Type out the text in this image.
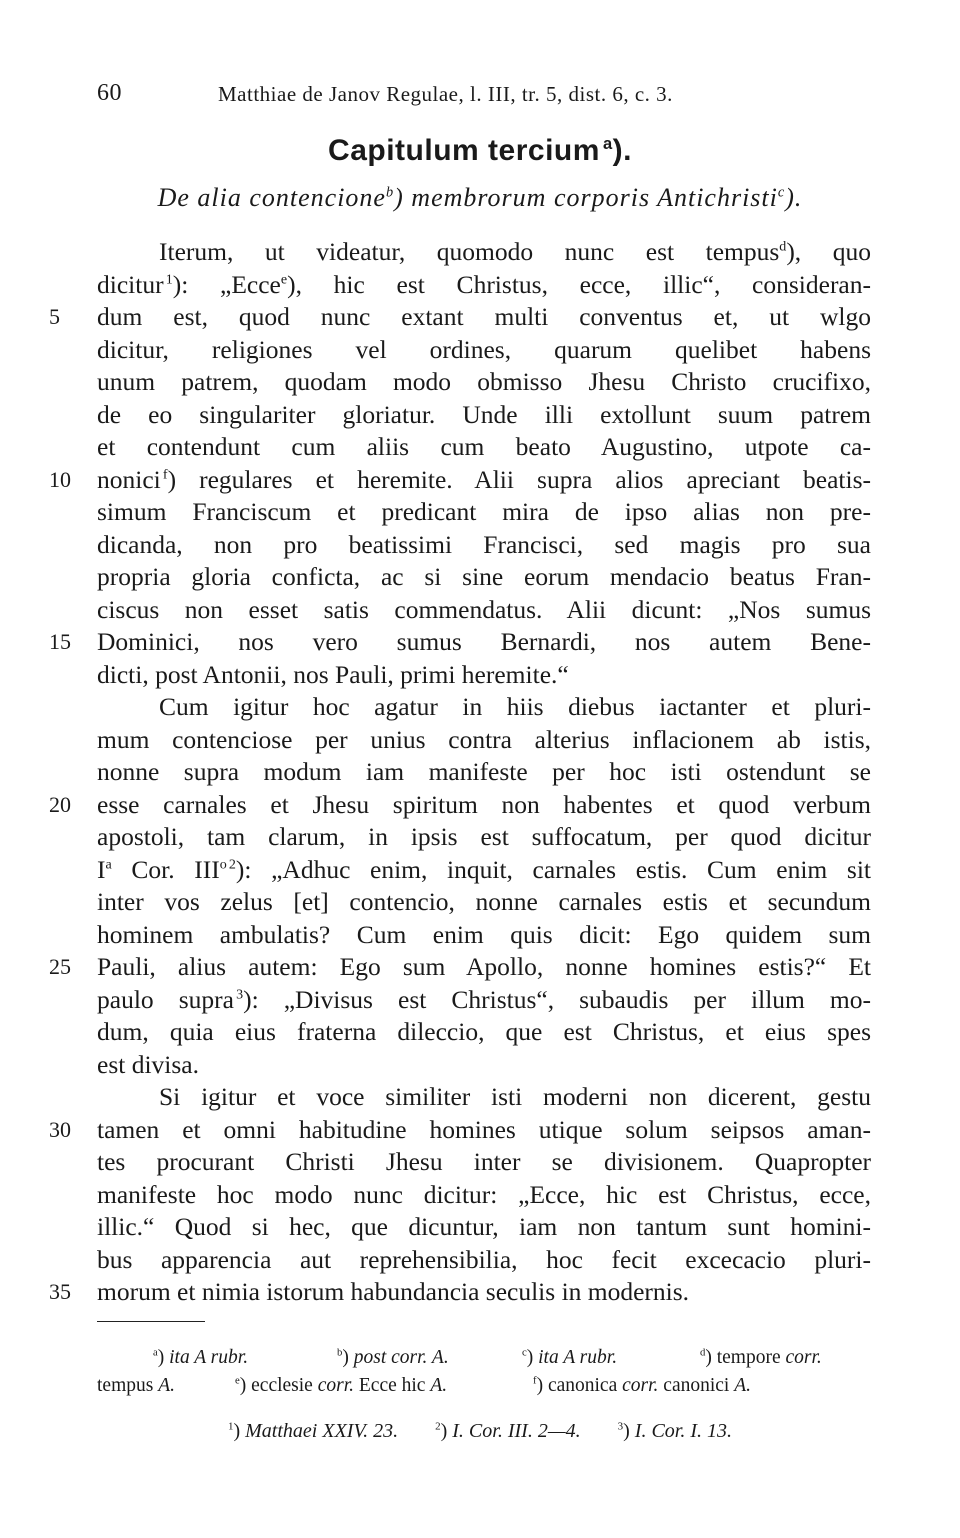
60	Matthiae de Janov Regulae, l. III, tr. 5, dist. 6, c. 3.
Capitulum tercium  $^a$).
De alia contencione$^b$) membrorum corporis Antichristi$^c$).
Iterum, ut videatur, quomodo nunc est tempus$^d$), quo
dicitur  $^1$): „Ecce$^e$), hic est Christus, ecce, illic“, consideran-
5 dum est, quod nunc extant multi conventus et, ut wlgo
dicitur, religiones vel ordines, quarum quelibet habens
unum patrem, quodam modo obmisso Jhesu Christo crucifixo,
de eo singulariter gloriatur. Unde illi extollunt suum patrem
et contendunt cum aliis cum beato Augustino, utpote ca-
10 nonici  $^f$) regulares et heremite. Alii supra alios apreciant beatis-
simum Franciscum et predicant mira de ipso alias non pre-
dicanda, non pro beatissimi Francisci, sed magis pro sua
propria gloria conficta, ac si sine eorum mendacio beatus Fran-
ciscus non esset satis commendatus. Alii dicunt: „Nos sumus
15 Dominici, nos vero sumus Bernardi, nos autem Bene-
dicti, post Antonii, nos Pauli, primi heremite.“
Cum igitur hoc agatur in hiis diebus iactanter et pluri-
mum contenciose per unius contra alterius inflacionem ab istis,
nonne supra modum iam manifeste per hoc isti ostendunt se
20 esse carnales et Jhesu spiritum non habentes et quod verbum
apostoli, tam clarum, in ipsis est suffocatum, per quod dicitur
$I^a$ Cor. III$^o$  $^2$): „Adhuc enim, inquit, carnales estis. Cum enim sit
inter vos zelus [et] contencio, nonne carnales estis et secundum
hominem ambulatis? Cum enim quis dicit: Ego quidem sum
25 Pauli, alius autem: Ego sum Apollo, nonne homines estis?“ Et
paulo supra  $^3$): „Divisus est Christus“, subaudis per illum mo-
dum, quia eius fraterna dileccio, que est Christus, et eius spes
est divisa.
Si igitur et voce similiter isti moderni non dicerent, gestu
30 tamen et omni habitudine homines utique solum seipsos aman-
tes procurant Christi Jhesu inter se divisionem. Quapropter
manifeste hoc modo nunc dicitur: „Ecce, hic est Christus, ecce,
illic.“ Quod si hec, que dicuntur, iam non tantum sunt homini-
bus apparencia aut reprehensibilia, hoc fecit excecacio pluri-
35 morum et nimia istorum habundancia seculis in modernis.
$^a$) ita A rubr.	$^b$) post corr. A.	$^c$) ita A rubr.	$^d$) tempore corr.
tempus A.	$^e$) ecclesie corr. Ecce hic A.	$^f$) canonica corr. canonici A.
$^1$) Matthaei XXIV. 23.	$^2$) I. Cor. III. 2—4.	$^3$) I. Cor. I. 13.
